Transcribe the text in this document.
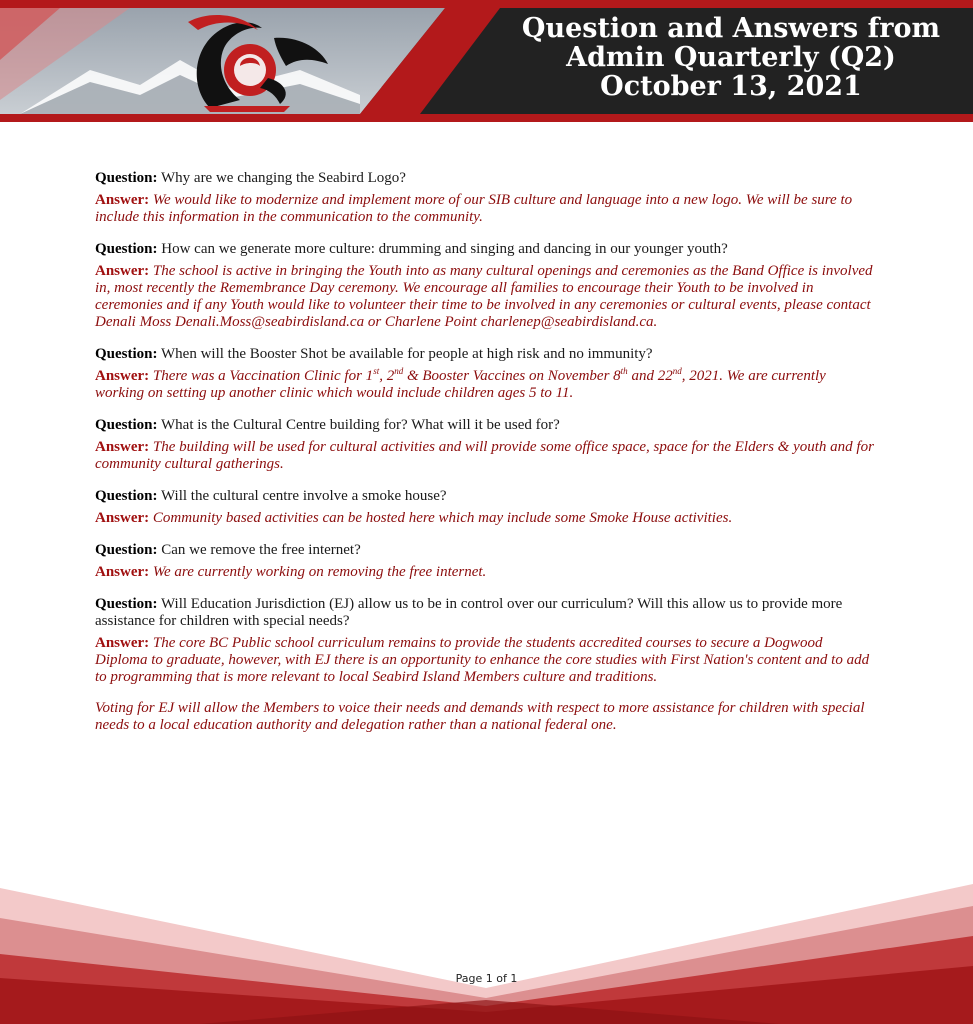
Question and Answers from
Admin Quarterly (Q2)
October 13, 2021

Question: Why are we changing the Seabird Logo?

Answer: We would like to modernize and implement more of our SIB culture and language into a new logo. We will be sure to include this information in the communication to the community.

Question: How can we generate more culture: drumming and singing and dancing in our younger youth?

Answer: The school is active in bringing the Youth into as many cultural openings and ceremonies as the Band Office is involved in, most recently the Remembrance Day ceremony. We encourage all families to encourage their Youth to be involved in ceremonies and if any Youth would like to volunteer their time to be involved in any ceremonies or cultural events, please contact Denali Moss Denali.Moss@seabirdisland.ca or Charlene Point charlenep@seabirdisland.ca.

Question: When will the Booster Shot be available for people at high risk and no immunity?

Answer: There was a Vaccination Clinic for 1st, 2nd & Booster Vaccines on November 8th and 22nd, 2021. We are currently working on setting up another clinic which would include children ages 5 to 11.

Question: What is the Cultural Centre building for? What will it be used for?

Answer: The building will be used for cultural activities and will provide some office space, space for the Elders & youth and for community cultural gatherings.

Question: Will the cultural centre involve a smoke house?

Answer: Community based activities can be hosted here which may include some Smoke House activities.

Question: Can we remove the free internet?

Answer: We are currently working on removing the free internet.

Question: Will Education Jurisdiction (EJ) allow us to be in control over our curriculum? Will this allow us to provide more assistance for children with special needs?

Answer: The core BC Public school curriculum remains to provide the students accredited courses to secure a Dogwood Diploma to graduate, however, with EJ there is an opportunity to enhance the core studies with First Nation's content and to add to programming that is more relevant to local Seabird Island Members culture and traditions.

Voting for EJ will allow the Members to voice their needs and demands with respect to more assistance for children with special needs to a local education authority and delegation rather than a national federal one.

Page 1 of 1
